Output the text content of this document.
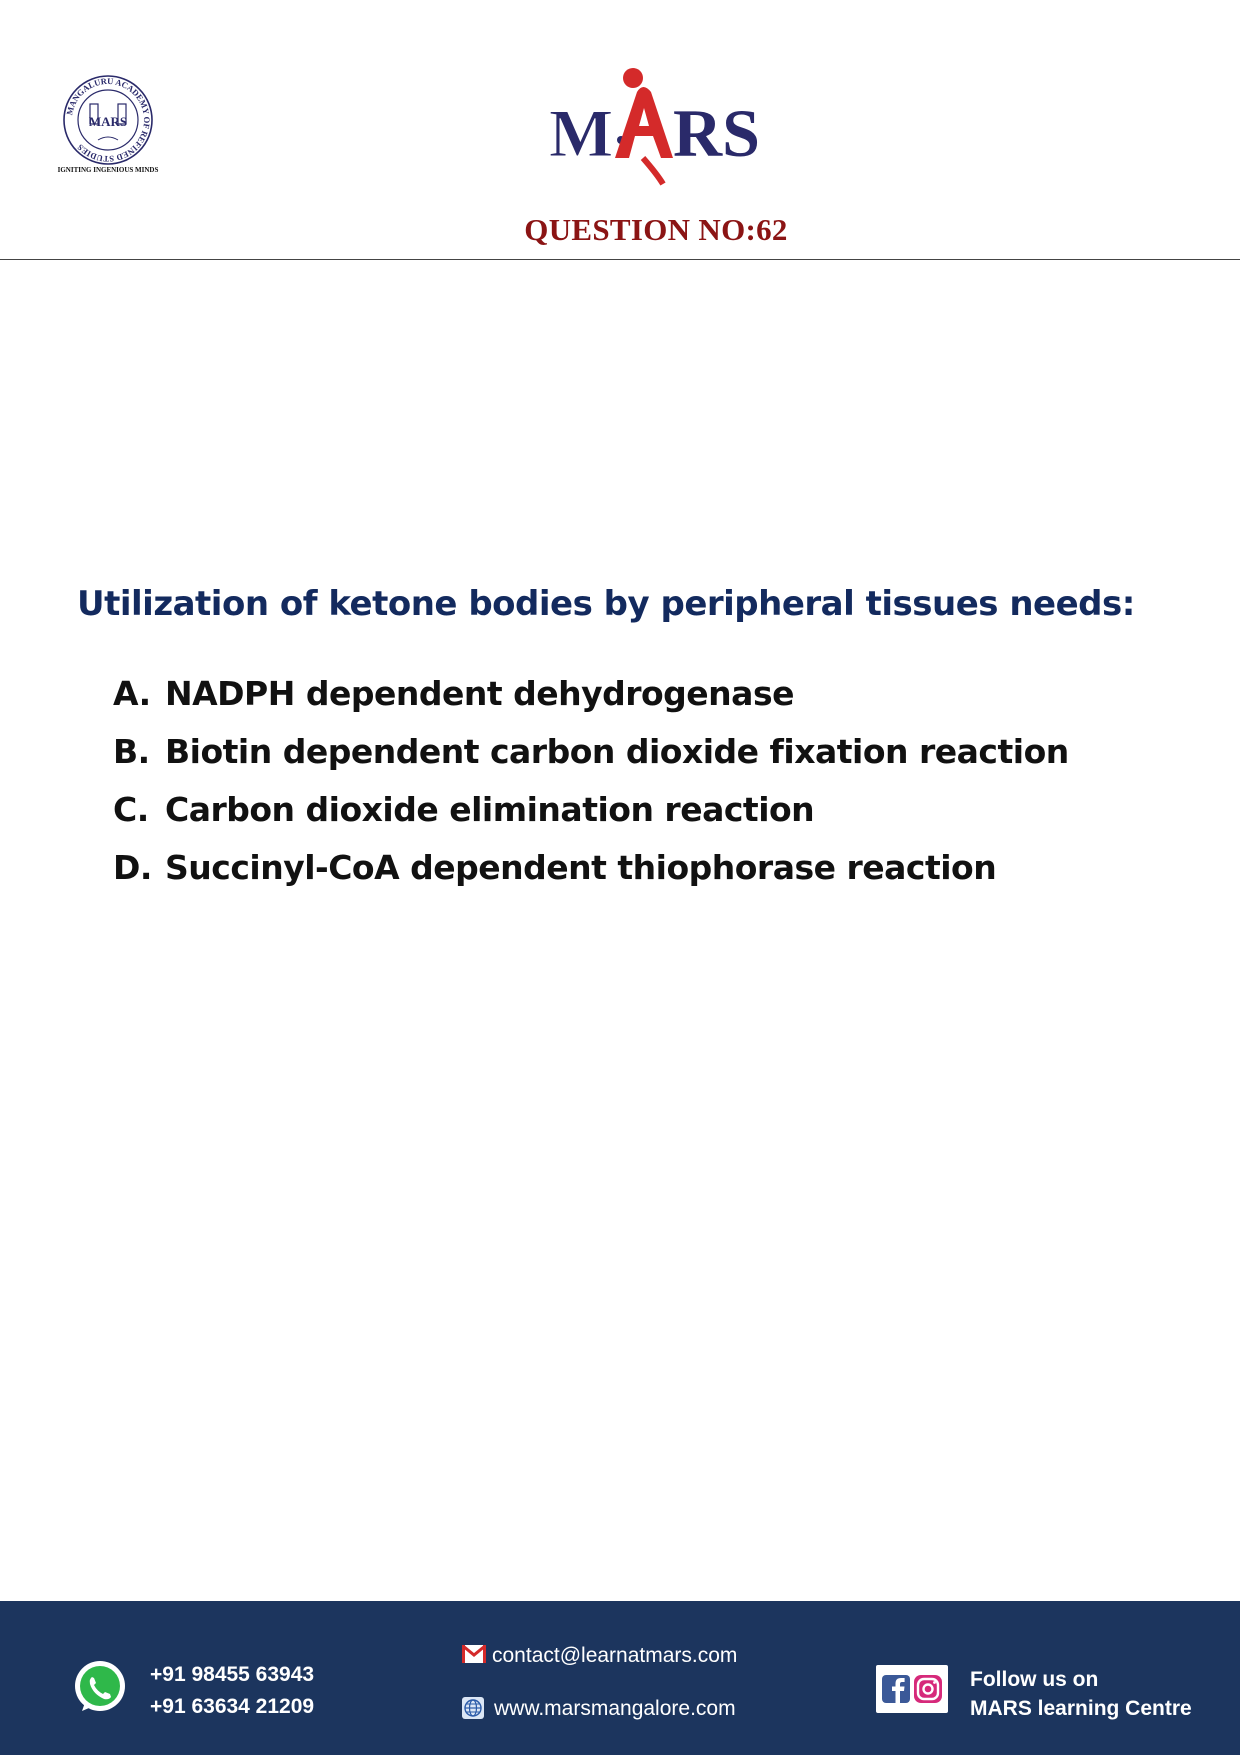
MANGALURU ACADEMY OF REFINED STUDIES
MARS
IGNITING INGENIOUS MINDS	M RS
QUESTION NO:62
Utilization of ketone bodies by peripheral tissues needs:
A. NADPH dependent dehydrogenase
B. Biotin dependent carbon dioxide fixation reaction
C. Carbon dioxide elimination reaction
D. Succinyl-CoA dependent thiophorase reaction
+91 98455 63943
+91 63634 21209
contact@learnatmars.com
www.marsmangalore.com
Follow us on
MARS learning Centre
